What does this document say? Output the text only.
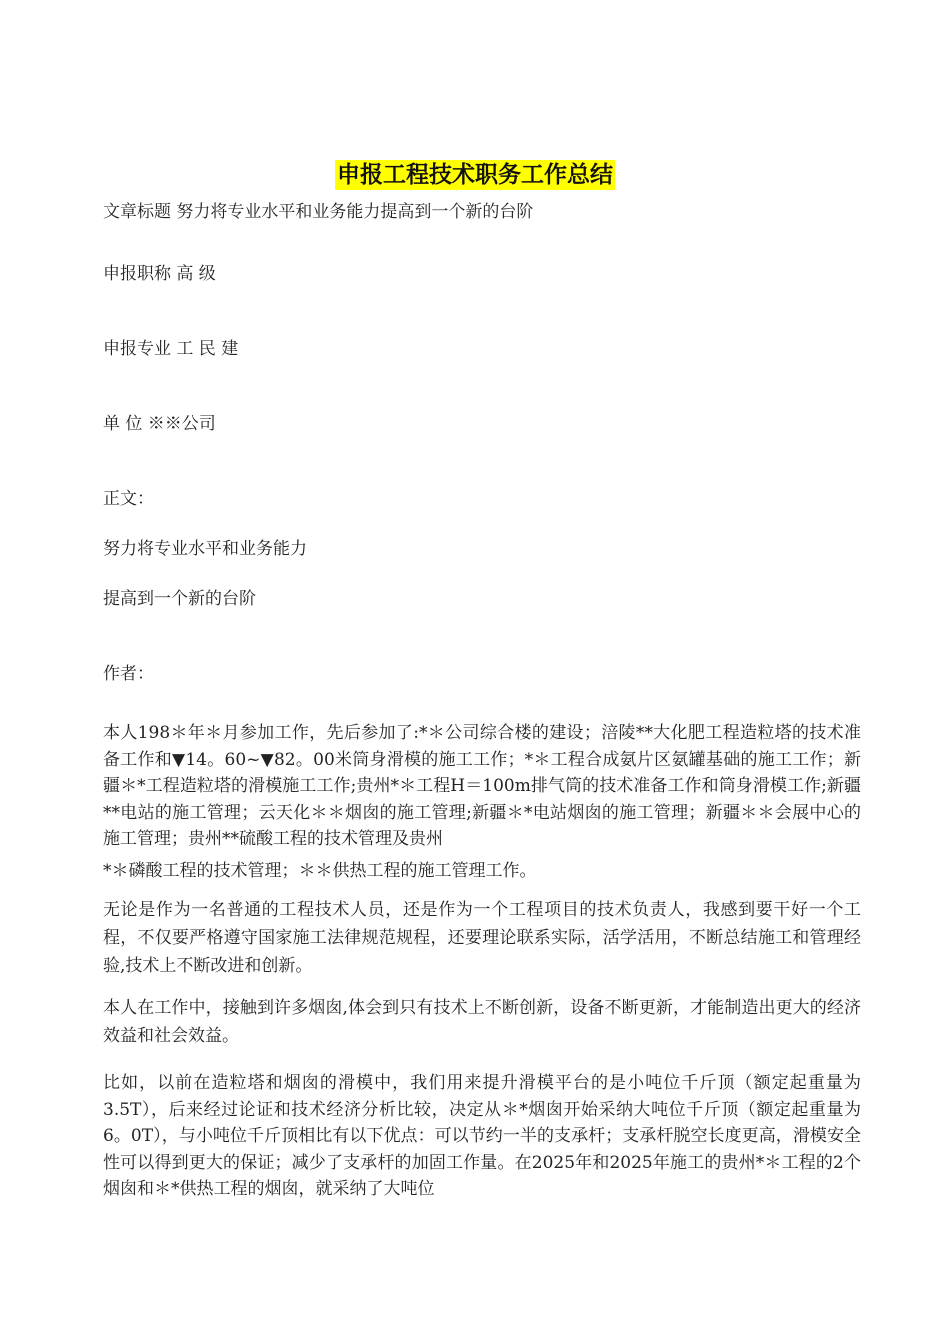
申报工程技术职务工作总结
文章标题 努力将专业水平和业务能力提高到一个新的台阶
申报职称 高 级
申报专业 工 民 建
单 位 ※※公司
正文：
努力将专业水平和业务能力
提高到一个新的台阶
作者：

本人198＊年＊月参加工作，先后参加了:*＊公司综合楼的建设；涪陵**大化肥工程造粒塔的技术准备工作和▼14。60~▼82。00米筒身滑模的施工工作；*＊工程合成氨片区氨罐基础的施工工作；新疆＊*工程造粒塔的滑模施工工作;贵州*＊工程H＝100m排气筒的技术准备工作和筒身滑模工作;新疆**电站的施工管理；云天化＊＊烟囱的施工管理;新疆＊*电站烟囱的施工管理；新疆＊＊会展中心的施工管理；贵州**硫酸工程的技术管理及贵州

*＊磷酸工程的技术管理；＊＊供热工程的施工管理工作。

无论是作为一名普通的工程技术人员，还是作为一个工程项目的技术负责人，我感到要干好一个工程，不仅要严格遵守国家施工法律规范规程，还要理论联系实际，活学活用，不断总结施工和管理经验,技术上不断改进和创新。

本人在工作中，接触到许多烟囱,体会到只有技术上不断创新，设备不断更新，才能制造出更大的经济效益和社会效益。

比如，以前在造粒塔和烟囱的滑模中，我们用来提升滑模平台的是小吨位千斤顶（额定起重量为3.5T），后来经过论证和技术经济分析比较，决定从＊*烟囱开始采纳大吨位千斤顶（额定起重量为6。0T），与小吨位千斤顶相比有以下优点：可以节约一半的支承杆；支承杆脱空长度更高，滑模安全性可以得到更大的保证；减少了支承杆的加固工作量。在2025年和2025年施工的贵州*＊工程的2个烟囱和＊*供热工程的烟囱，就采纳了大吨位
